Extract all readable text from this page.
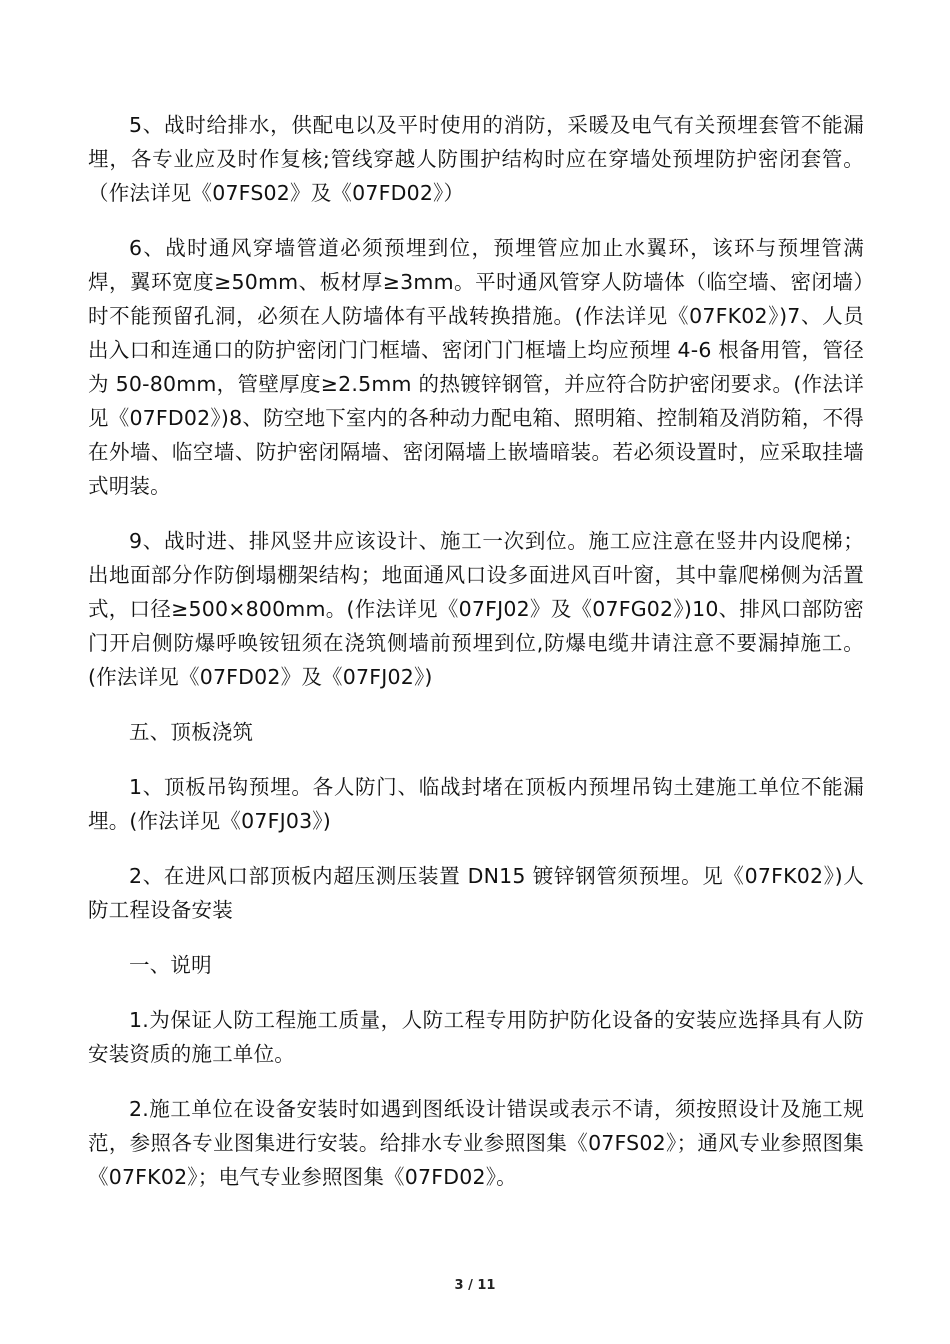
5、战时给排水，供配电以及平时使用的消防，采暖及电气有关预埋套管不能漏埋，各专业应及时作复核;管线穿越人防围护结构时应在穿墙处预埋防护密闭套管。（作法详见《07FS02》及《07FD02》）

6、战时通风穿墙管道必须预埋到位，预埋管应加止水翼环，该环与预埋管满焊，翼环宽度≥50mm、板材厚≥3mm。平时通风管穿人防墙体（临空墙、密闭墙）时不能预留孔洞，必须在人防墙体有平战转换措施。(作法详见《07FK02》)7、人员出入口和连通口的防护密闭门门框墙、密闭门门框墙上均应预埋 4-6 根备用管，管径为 50-80mm，管壁厚度≥2.5mm 的热镀锌钢管，并应符合防护密闭要求。(作法详见《07FD02》)8、防空地下室内的各种动力配电箱、照明箱、控制箱及消防箱，不得在外墙、临空墙、防护密闭隔墙、密闭隔墙上嵌墙暗装。若必须设置时，应采取挂墙式明装。

9、战时进、排风竖井应该设计、施工一次到位。施工应注意在竖井内设爬梯；出地面部分作防倒塌棚架结构；地面通风口设多面进风百叶窗，其中靠爬梯侧为活置式，口径≥500×800mm。(作法详见《07FJ02》及《07FG02》)10、排风口部防密门开启侧防爆呼唤铵钮须在浇筑侧墙前预埋到位,防爆电缆井请注意不要漏掉施工。(作法详见《07FD02》及《07FJ02》)

五、顶板浇筑

1、顶板吊钩预埋。各人防门、临战封堵在顶板内预埋吊钩土建施工单位不能漏埋。(作法详见《07FJ03》)

2、在进风口部顶板内超压测压装置 DN15 镀锌钢管须预埋。见《07FK02》)人防工程设备安装

一、说明

1.为保证人防工程施工质量，人防工程专用防护防化设备的安装应选择具有人防安装资质的施工单位。

2.施工单位在设备安装时如遇到图纸设计错误或表示不请，须按照设计及施工规范，参照各专业图集进行安装。给排水专业参照图集《07FS02》；通风专业参照图集《07FK02》；电气专业参照图集《07FD02》。

3 / 11
